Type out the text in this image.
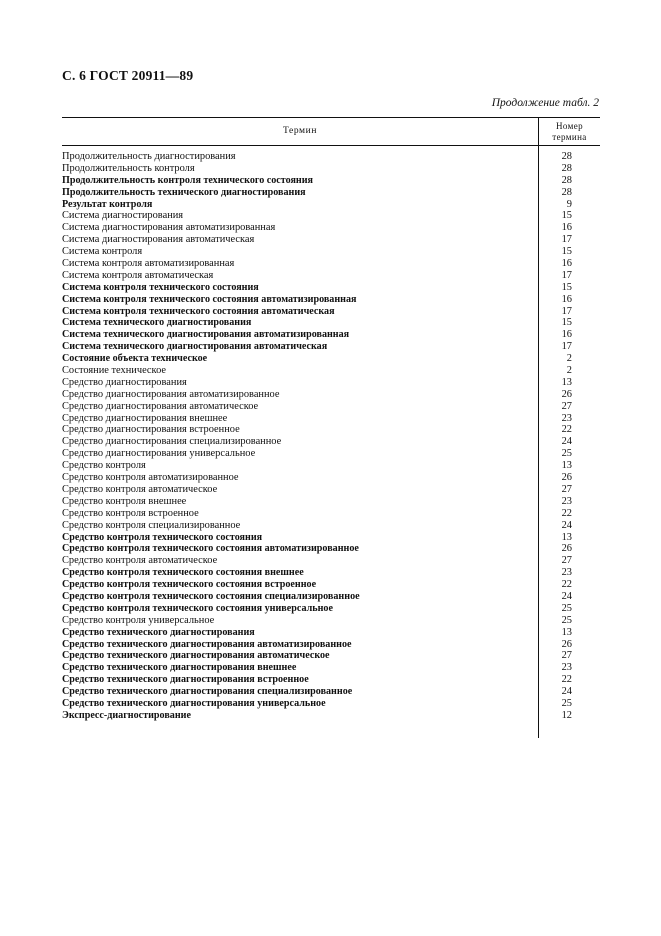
С. 6 ГОСТ 20911—89
Продолжение табл. 2
Термин	Номер
термина
Продолжительность диагностирования	28
Продолжительность контроля	28
Продолжительность контроля технического состояния	28
Продолжительность технического диагностирования	28
Результат контроля	9
Система диагностирования	15
Система диагностирования автоматизированная	16
Система диагностирования автоматическая	17
Система контроля	15
Система контроля автоматизированная	16
Система контроля автоматическая	17
Система контроля технического состояния	15
Система контроля технического состояния автоматизированная	16
Система контроля технического состояния автоматическая	17
Система технического диагностирования	15
Система технического диагностирования автоматизированная	16
Система технического диагностирования автоматическая	17
Состояние объекта техническое	2
Состояние техническое	2
Средство диагностирования	13
Средство диагностирования автоматизированное	26
Средство диагностирования автоматическое	27
Средство диагностирования внешнее	23
Средство диагностирования встроенное	22
Средство диагностирования специализированное	24
Средство диагностирования универсальное	25
Средство контроля	13
Средство контроля автоматизированное	26
Средство контроля автоматическое	27
Средство контроля внешнее	23
Средство контроля встроенное	22
Средство контроля специализированное	24
Средство контроля технического состояния	13
Средство контроля технического состояния автоматизированное	26
Средство контроля автоматическое	27
Средство контроля технического состояния внешнее	23
Средство контроля технического состояния встроенное	22
Средство контроля технического состояния специализированное	24
Средство контроля технического состояния универсальное	25
Средство контроля универсальное	25
Средство технического диагностирования	13
Средство технического диагностирования автоматизированное	26
Средство технического диагностирования автоматическое	27
Средство технического диагностирования внешнее	23
Средство технического диагностирования встроенное	22
Средство технического диагностирования специализированное	24
Средство технического диагностирования универсальное	25
Экспресс-диагностирование	12
